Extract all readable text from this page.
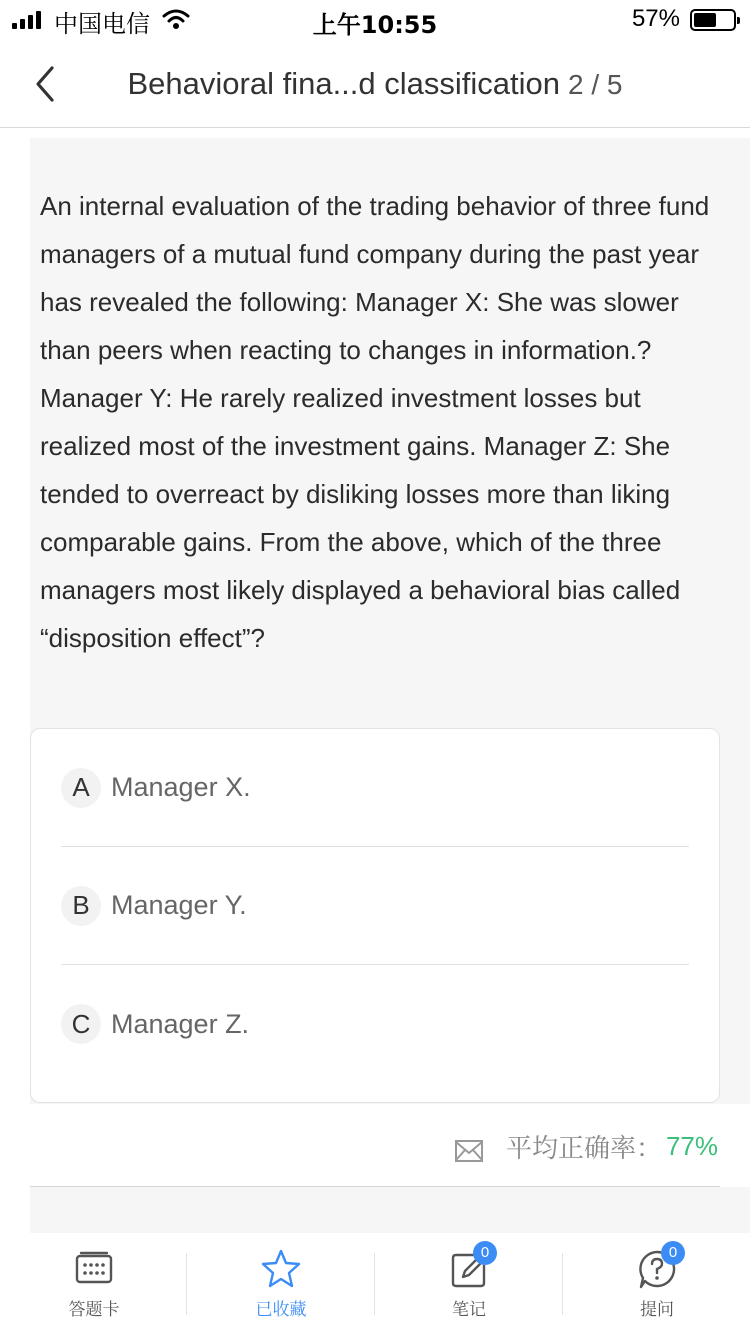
中国电信	上午10:55	57%
Behavioral fina...d classification 2 / 5
An internal evaluation of the trading behavior of three fund managers of a mutual fund company during the past year has revealed the following: Manager X: She was slower than peers when reacting to changes in information.? Manager Y: He rarely realized investment losses but realized most of the investment gains. Manager Z: She tended to overreact by disliking losses more than liking comparable gains. From the above, which of the three managers most likely displayed a behavioral bias called “disposition effect”?
A Manager X.
B Manager Y.
C Manager Z.
平均正确率： 77%
答题卡	已收藏
0
笔记
0
提问
